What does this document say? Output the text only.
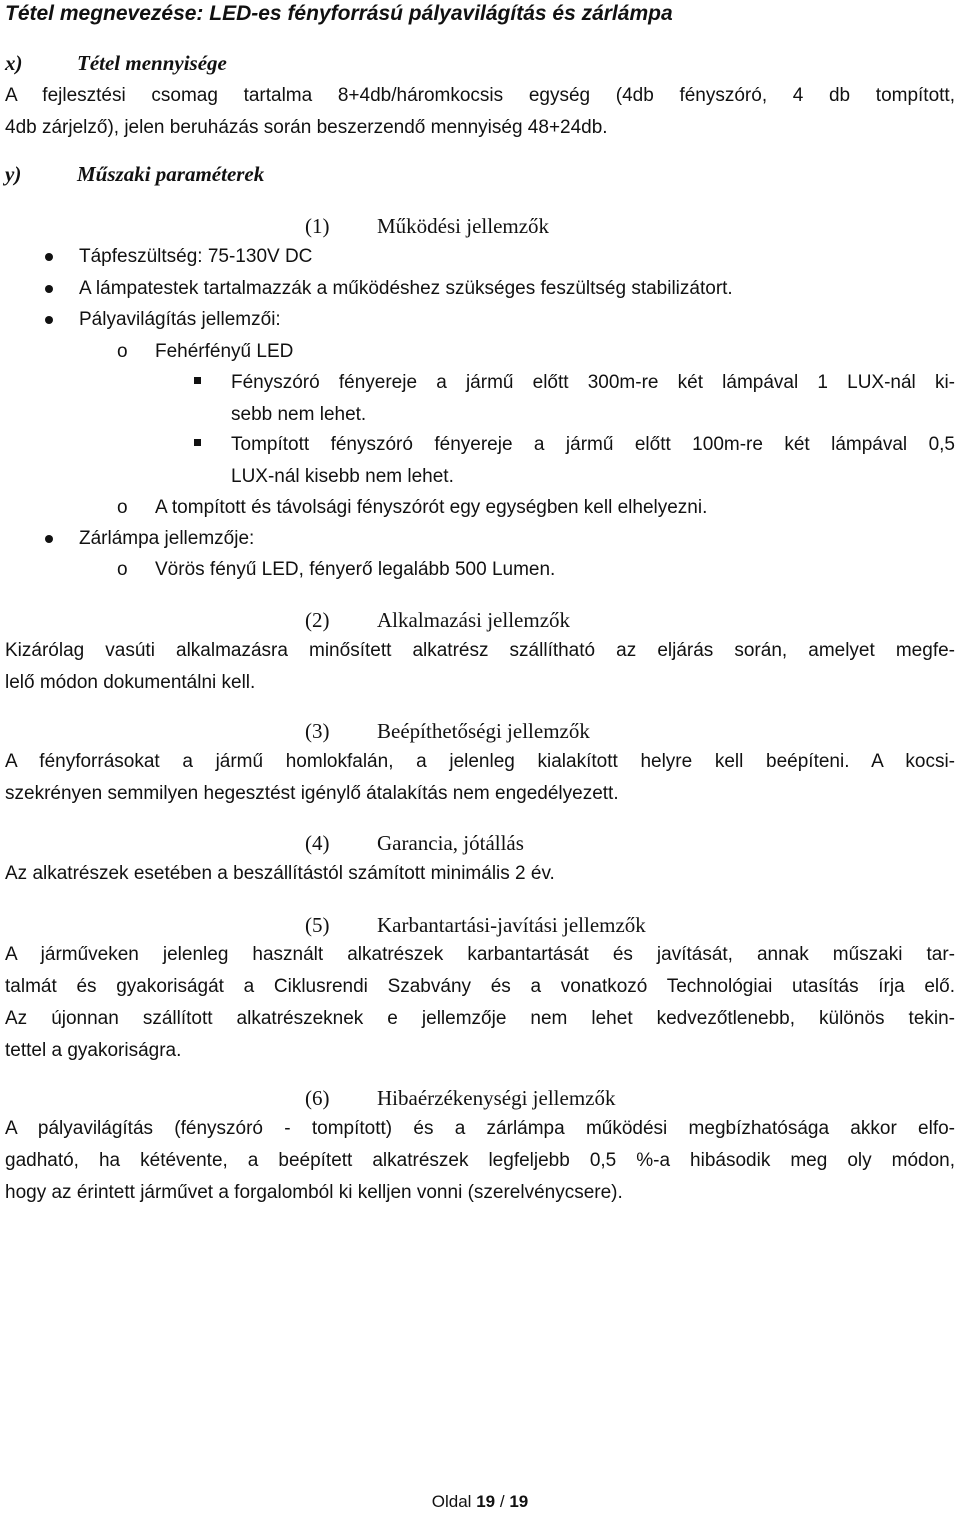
Tétel megnevezése: LED-es fényforrású pályavilágítás és zárlámpa
x)	Tétel mennyisége
A fejlesztési csomag tartalma 8+4db/háromkocsis egység (4db fényszóró, 4 db tompított,
4db zárjelző), jelen beruházás során beszerzendő mennyiség 48+24db.
y)	Műszaki paraméterek
(1) Működési jellemzők
Tápfeszültség: 75-130V DC
A lámpatestek tartalmazzák a működéshez szükséges feszültség stabilizátort.
Pályavilágítás jellemzői:
o Fehérfényű LED
Fényszóró fényereje a jármű előtt 300m-re két lámpával 1 LUX-nál ki-
sebb nem lehet.
Tompított fényszóró fényereje a jármű előtt 100m-re két lámpával 0,5
LUX-nál kisebb nem lehet.
o A tompított és távolsági fényszórót egy egységben kell elhelyezni.
Zárlámpa jellemzője:
o Vörös fényű LED, fényerő legalább 500 Lumen.
(2) Alkalmazási jellemzők
Kizárólag vasúti alkalmazásra minősített alkatrész szállítható az eljárás során, amelyet megfe-
lelő módon dokumentálni kell.
(3) Beépíthetőségi jellemzők
A fényforrásokat a jármű homlokfalán, a jelenleg kialakított helyre kell beépíteni. A kocsi-
szekrényen semmilyen hegesztést igénylő átalakítás nem engedélyezett.
(4) Garancia, jótállás
Az alkatrészek esetében a beszállítástól számított minimális 2 év.
(5) Karbantartási-javítási jellemzők
A járműveken jelenleg használt alkatrészek karbantartását és javítását, annak műszaki tar-
talmát és gyakoriságát a Ciklusrendi Szabvány és a vonatkozó Technológiai utasítás írja elő.
Az újonnan szállított alkatrészeknek e jellemzője nem lehet kedvezőtlenebb, különös tekin-
tettel a gyakoriságra.
(6) Hibaérzékenységi jellemzők
A pályavilágítás (fényszóró - tompított) és a zárlámpa működési megbízhatósága akkor elfo-
gadható, ha kétévente, a beépített alkatrészek legfeljebb 0,5 %-a hibásodik meg oly módon,
hogy az érintett járművet a forgalomból ki kelljen vonni (szerelvénycsere).
Oldal 19 / 19
